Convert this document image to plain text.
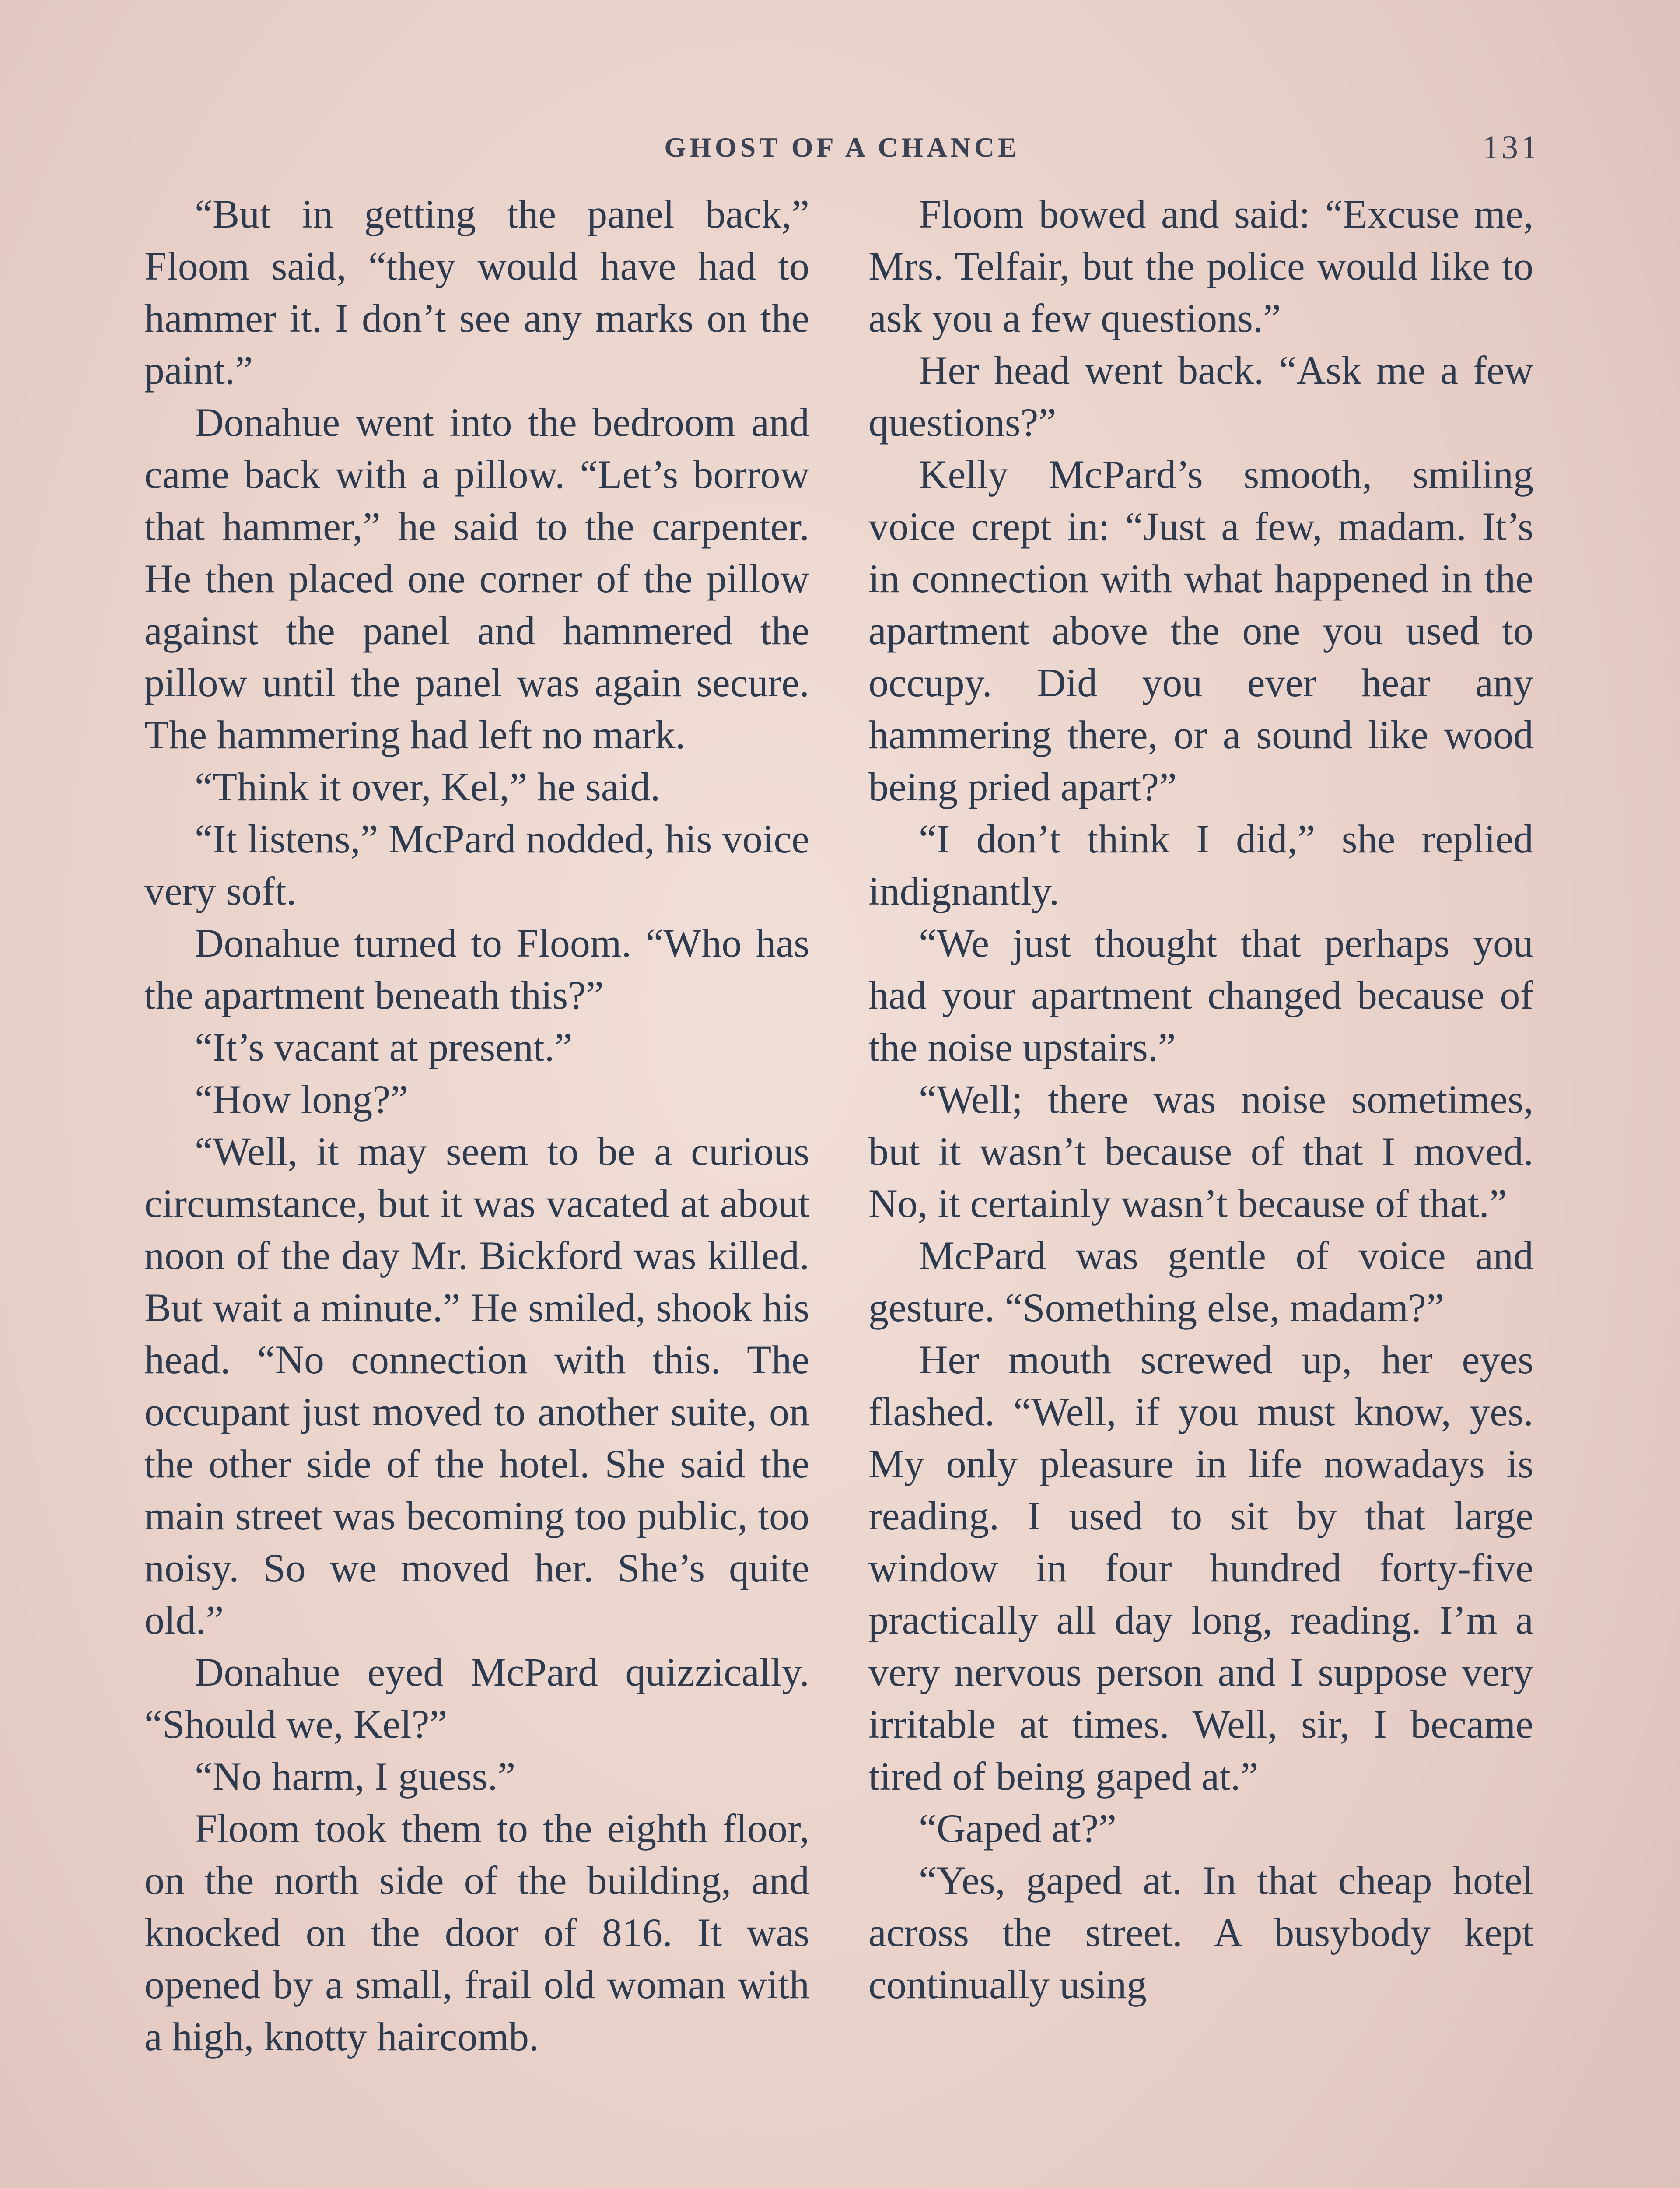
GHOST OF A CHANCE	131

“But in getting the panel back,” Floom said, “they would have had to hammer it. I don’t see any marks on the paint.”

Donahue went into the bedroom and came back with a pillow. “Let’s borrow that hammer,” he said to the carpenter. He then placed one corner of the pillow against the panel and hammered the pillow until the panel was again secure. The hammering had left no mark.

“Think it over, Kel,” he said.

“It listens,” McPard nodded, his voice very soft.

Donahue turned to Floom. “Who has the apartment beneath this?”

“It’s vacant at present.”

“How long?”

“Well, it may seem to be a curious circumstance, but it was vacated at about noon of the day Mr. Bickford was killed. But wait a minute.” He smiled, shook his head. “No connection with this. The occupant just moved to another suite, on the other side of the hotel. She said the main street was becoming too public, too noisy. So we moved her. She’s quite old.”

Donahue eyed McPard quizzically. “Should we, Kel?”

“No harm, I guess.”

Floom took them to the eighth floor, on the north side of the building, and knocked on the door of 816. It was opened by a small, frail old woman with a high, knotty haircomb.

Floom bowed and said: “Excuse me, Mrs. Telfair, but the police would like to ask you a few questions.”

Her head went back. “Ask me a few questions?”

Kelly McPard’s smooth, smiling voice crept in: “Just a few, madam. It’s in connection with what happened in the apartment above the one you used to occupy. Did you ever hear any hammering there, or a sound like wood being pried apart?”

“I don’t think I did,” she replied indignantly.

“We just thought that perhaps you had your apartment changed because of the noise upstairs.”

“Well; there was noise sometimes, but it wasn’t because of that I moved. No, it certainly wasn’t because of that.”

McPard was gentle of voice and gesture. “Something else, madam?”

Her mouth screwed up, her eyes flashed. “Well, if you must know, yes. My only pleasure in life nowadays is reading. I used to sit by that large window in four hundred forty-five practically all day long, reading. I’m a very nervous person and I suppose very irritable at times. Well, sir, I became tired of being gaped at.”

“Gaped at?”

“Yes, gaped at. In that cheap hotel across the street. A busybody kept continually using
